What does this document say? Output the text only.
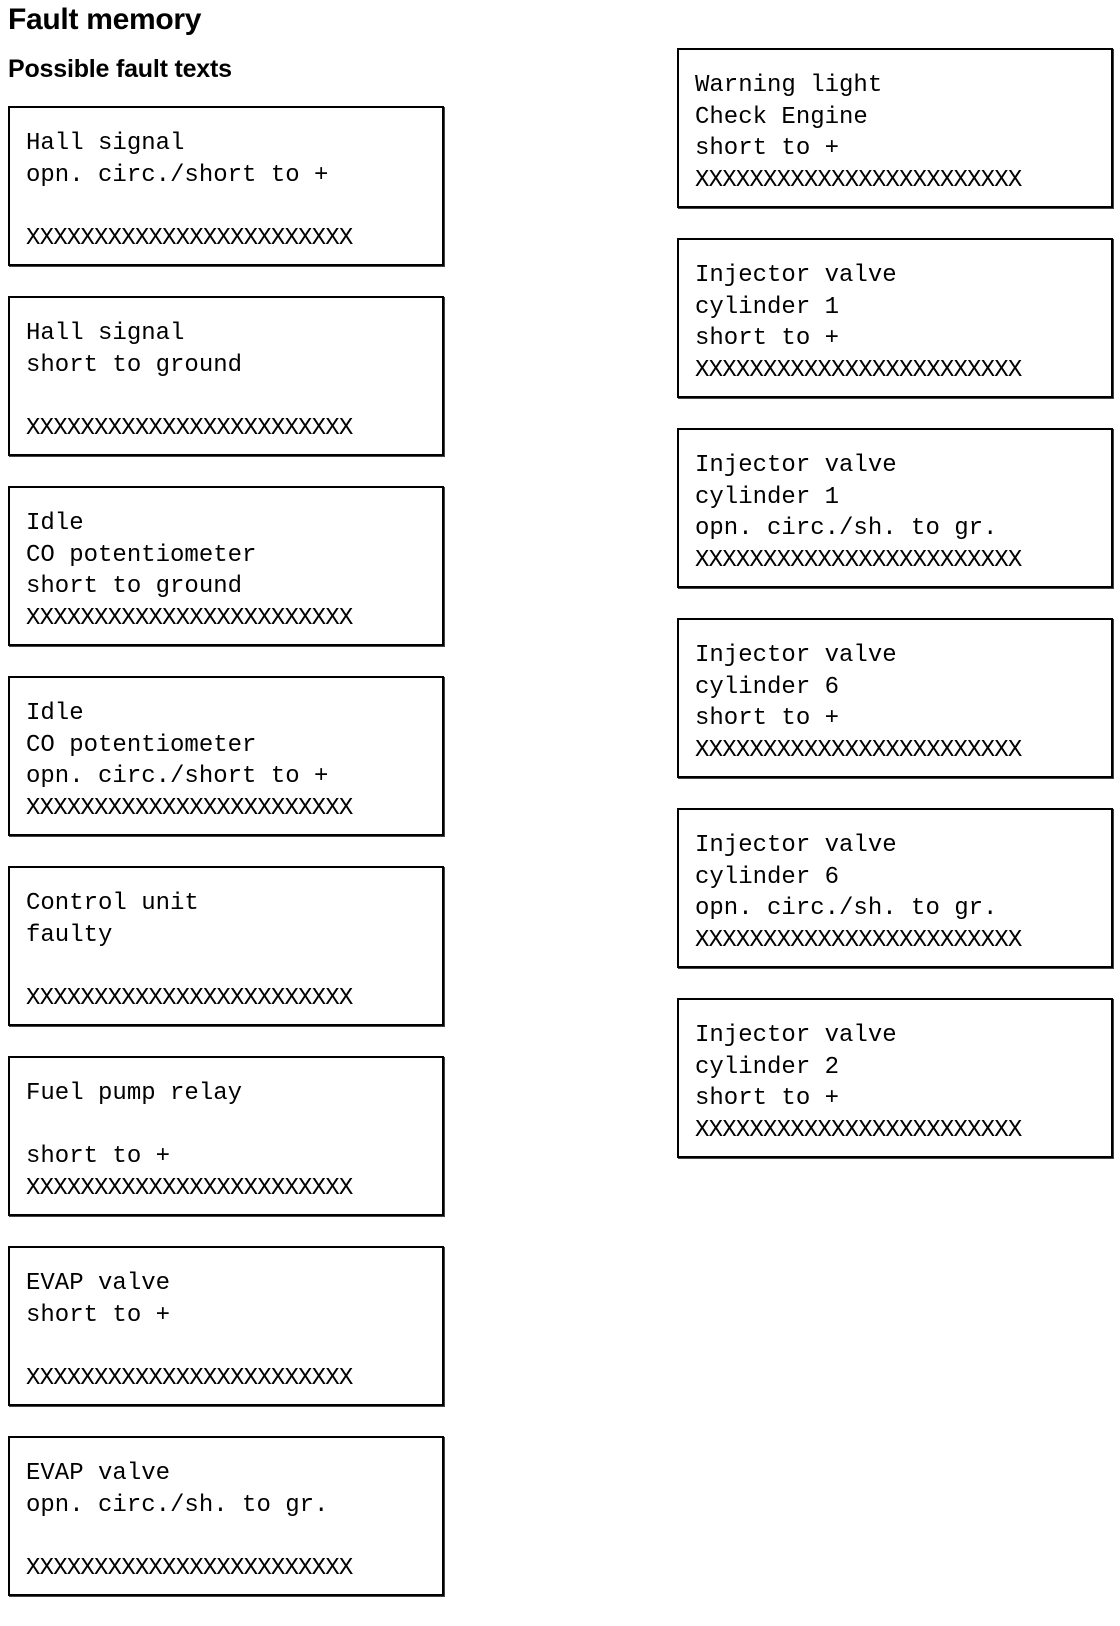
Fault memory
Possible fault texts
Hall signal
opn. circ./short to +
XXXXXXXXXXXXXXXXXXXXXXXX
Hall signal
short to ground
XXXXXXXXXXXXXXXXXXXXXXXX
Idle
CO potentiometer
short to ground
XXXXXXXXXXXXXXXXXXXXXXXX
Idle
CO potentiometer
opn. circ./short to +
XXXXXXXXXXXXXXXXXXXXXXXX
Control unit
faulty
XXXXXXXXXXXXXXXXXXXXXXXX
Fuel pump relay
short to +
XXXXXXXXXXXXXXXXXXXXXXXX
EVAP valve
short to +
XXXXXXXXXXXXXXXXXXXXXXXX
EVAP valve
opn. circ./sh. to gr.
XXXXXXXXXXXXXXXXXXXXXXXX
Warning light
Check Engine
short to +
XXXXXXXXXXXXXXXXXXXXXXXX
Injector valve
cylinder 1
short to +
XXXXXXXXXXXXXXXXXXXXXXXX
Injector valve
cylinder 1
opn. circ./sh. to gr.
XXXXXXXXXXXXXXXXXXXXXXXX
Injector valve
cylinder 6
short to +
XXXXXXXXXXXXXXXXXXXXXXXX
Injector valve
cylinder 6
opn. circ./sh. to gr.
XXXXXXXXXXXXXXXXXXXXXXXX
Injector valve
cylinder 2
short to +
XXXXXXXXXXXXXXXXXXXXXXXX
